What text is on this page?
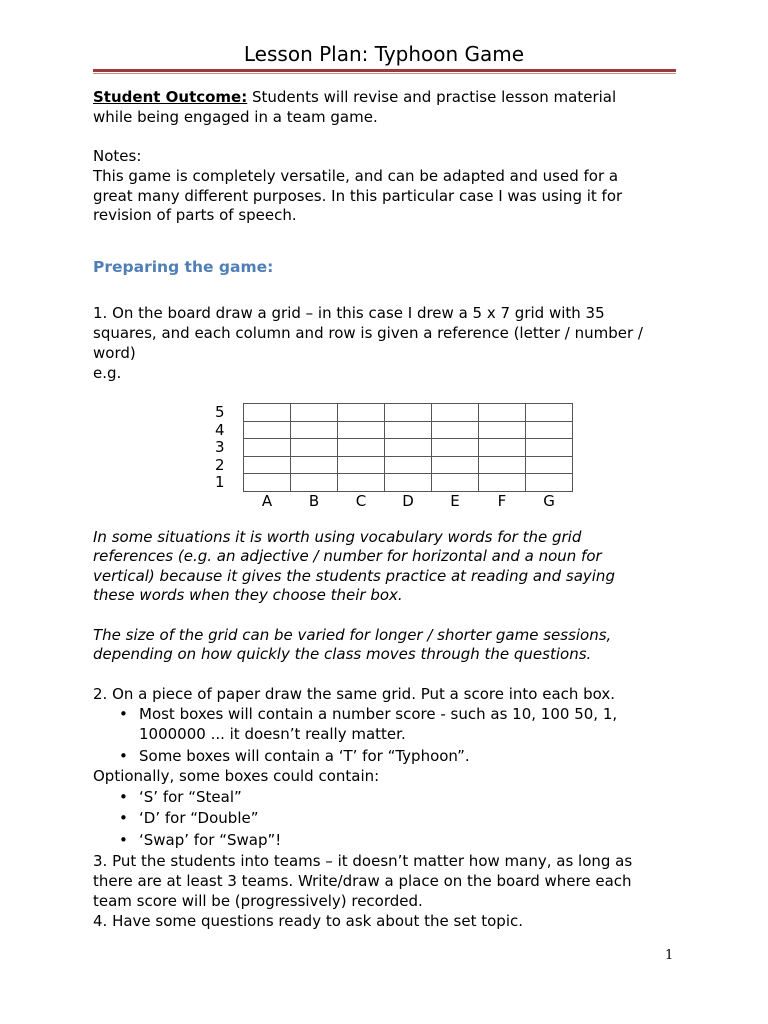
Lesson Plan: Typhoon Game
Student Outcome: Students will revise and practise lesson material
while being engaged in a team game.
Notes:
This game is completely versatile, and can be adapted and used for a
great many different purposes. In this particular case I was using it for
revision of parts of speech.
Preparing the game:
1. On the board draw a grid – in this case I drew a 5 x 7 grid with 35
squares, and each column and row is given a reference (letter / number /
word)
e.g.
5
4
3
2
1
A	B	C	D	E	F	G
In some situations it is worth using vocabulary words for the grid
references (e.g. an adjective / number for horizontal and a noun for
vertical) because it gives the students practice at reading and saying
these words when they choose their box.
The size of the grid can be varied for longer / shorter game sessions,
depending on how quickly the class moves through the questions.
2. On a piece of paper draw the same grid. Put a score into each box.
• Most boxes will contain a number score - such as 10, 100 50, 1,
1000000 ... it doesn’t really matter.
• Some boxes will contain a ‘T’ for “Typhoon”.
Optionally, some boxes could contain:
• ‘S’ for “Steal”
• ‘D’ for “Double”
• ‘Swap’ for “Swap”!
3. Put the students into teams – it doesn’t matter how many, as long as
there are at least 3 teams. Write/draw a place on the board where each
team score will be (progressively) recorded.
4. Have some questions ready to ask about the set topic.
1
